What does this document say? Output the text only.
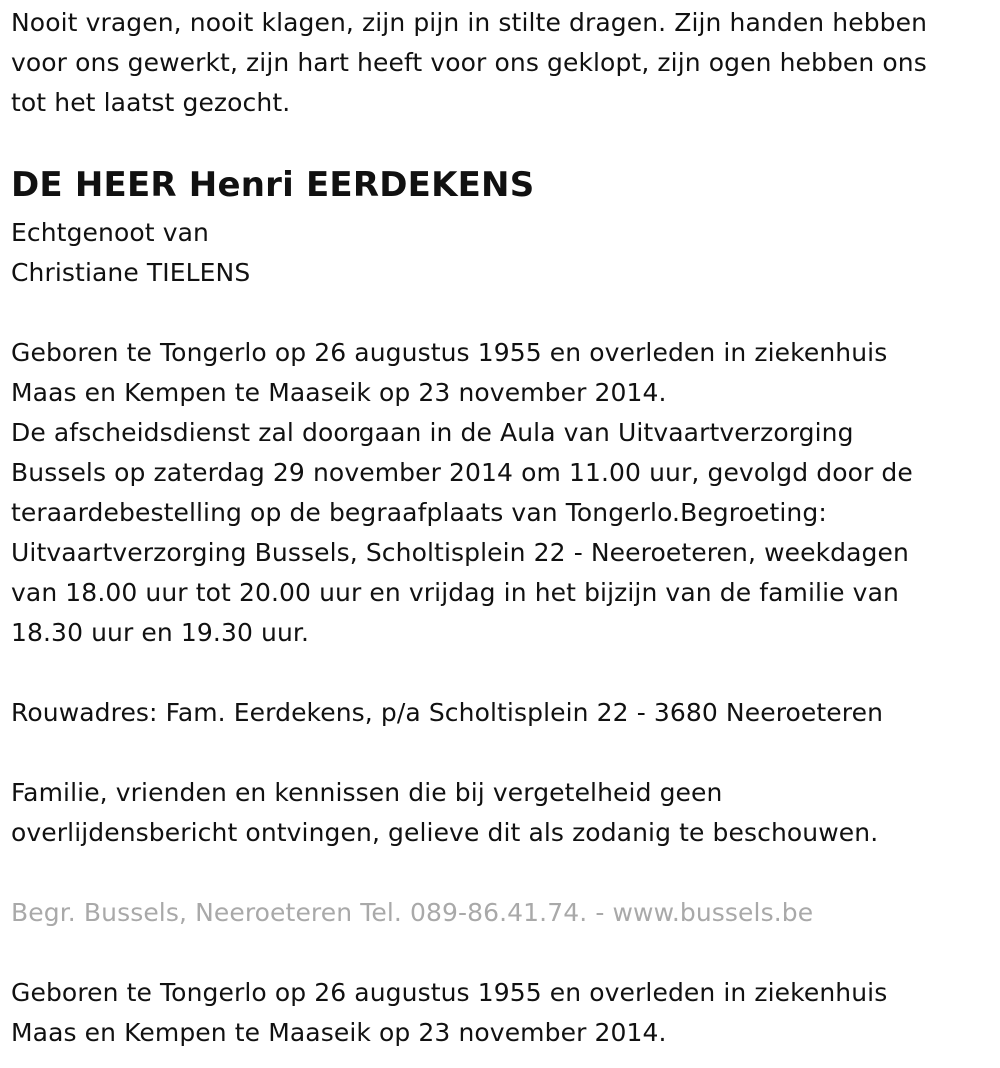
Nooit vragen, nooit klagen, zijn pijn in stilte dragen. Zijn handen hebben
voor ons gewerkt, zijn hart heeft voor ons geklopt, zijn ogen hebben ons
tot het laatst gezocht.

DE HEER Henri EERDEKENS

Echtgenoot van
Christiane TIELENS

Geboren te Tongerlo op 26 augustus 1955 en overleden in ziekenhuis
Maas en Kempen te Maaseik op 23 november 2014.
De afscheidsdienst zal doorgaan in de Aula van Uitvaartverzorging
Bussels op zaterdag 29 november 2014 om 11.00 uur, gevolgd door de
teraardebestelling op de begraafplaats van Tongerlo.Begroeting:
Uitvaartverzorging Bussels, Scholtisplein 22 - Neeroeteren, weekdagen
van 18.00 uur tot 20.00 uur en vrijdag in het bijzijn van de familie van
18.30 uur en 19.30 uur.

Rouwadres: Fam. Eerdekens, p/a Scholtisplein 22 - 3680 Neeroeteren

Familie, vrienden en kennissen die bij vergetelheid geen
overlijdensbericht ontvingen, gelieve dit als zodanig te beschouwen.

Begr. Bussels, Neeroeteren Tel. 089-86.41.74. - www.bussels.be

Geboren te Tongerlo op 26 augustus 1955 en overleden in ziekenhuis
Maas en Kempen te Maaseik op 23 november 2014.
